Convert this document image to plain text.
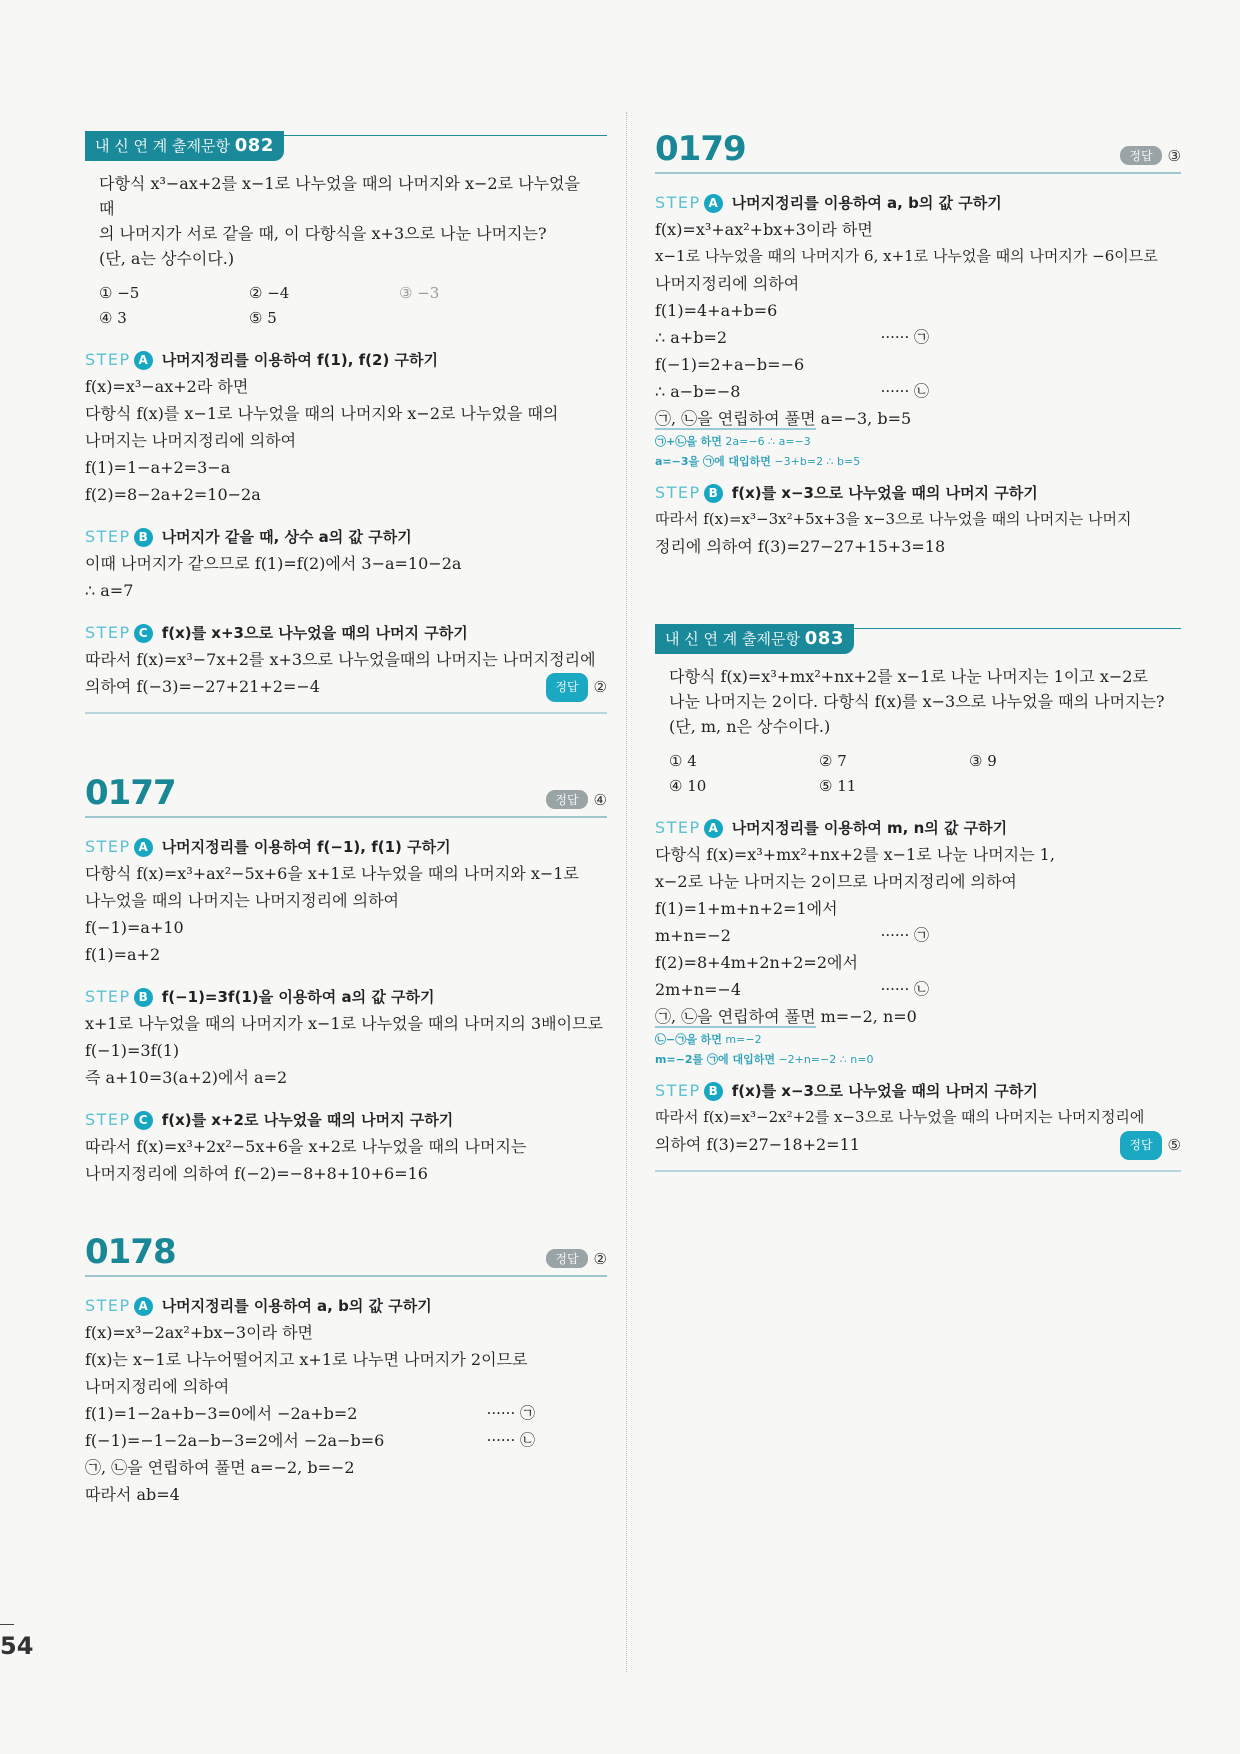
내 신 연 계 출제문항 082
다항식 x³−ax+2를 x−1로 나누었을 때의 나머지와 x−2로 나누었을 때
의 나머지가 서로 같을 때, 이 다항식을 x+3으로 나눈 나머지는?
(단, a는 상수이다.)
① −5	② −4	③ −3
④ 3	⑤ 5
STEP A 나머지정리를 이용하여 f(1), f(2) 구하기
f(x)=x³−ax+2라 하면
다항식 f(x)를 x−1로 나누었을 때의 나머지와 x−2로 나누었을 때의
나머지는 나머지정리에 의하여
f(1)=1−a+2=3−a
f(2)=8−2a+2=10−2a
STEP B 나머지가 같을 때, 상수 a의 값 구하기
이때 나머지가 같으므로 f(1)=f(2)에서 3−a=10−2a
∴ a=7
STEP C f(x)를 x+3으로 나누었을 때의 나머지 구하기
따라서 f(x)=x³−7x+2를 x+3으로 나누었을때의 나머지는 나머지정리에
의하여 f(−3)=−27+21+2=−4	정답	②
0177	정답	④
STEP A 나머지정리를 이용하여 f(−1), f(1) 구하기
다항식 f(x)=x³+ax²−5x+6을 x+1로 나누었을 때의 나머지와 x−1로
나누었을 때의 나머지는 나머지정리에 의하여
f(−1)=a+10
f(1)=a+2
STEP B f(−1)=3f(1)을 이용하여 a의 값 구하기
x+1로 나누었을 때의 나머지가 x−1로 나누었을 때의 나머지의 3배이므로
f(−1)=3f(1)
즉 a+10=3(a+2)에서 a=2
STEP C f(x)를 x+2로 나누었을 때의 나머지 구하기
따라서 f(x)=x³+2x²−5x+6을 x+2로 나누었을 때의 나머지는
나머지정리에 의하여 f(−2)=−8+8+10+6=16
0178	정답	②
STEP A 나머지정리를 이용하여 a, b의 값 구하기
f(x)=x³−2ax²+bx−3이라 하면
f(x)는 x−1로 나누어떨어지고 x+1로 나누면 나머지가 2이므로
나머지정리에 의하여
f(1)=1−2a+b−3=0에서 −2a+b=2	······ ㉠
f(−1)=−1−2a−b−3=2에서 −2a−b=6	······ ㉡
㉠, ㉡을 연립하여 풀면 a=−2, b=−2
따라서 ab=4
0179	정답	③
STEP A 나머지정리를 이용하여 a, b의 값 구하기
f(x)=x³+ax²+bx+3이라 하면
x−1로 나누었을 때의 나머지가 6, x+1로 나누었을 때의 나머지가 −6이므로
나머지정리에 의하여
f(1)=4+a+b=6
∴ a+b=2	······ ㉠
f(−1)=2+a−b=−6
∴ a−b=−8	······ ㉡
㉠, ㉡을 연립하여 풀면 a=−3, b=5
㉠+㉡을 하면 2a=−6 ∴ a=−3
a=−3을 ㉠에 대입하면 −3+b=2 ∴ b=5
STEP B f(x)를 x−3으로 나누었을 때의 나머지 구하기
따라서 f(x)=x³−3x²+5x+3을 x−3으로 나누었을 때의 나머지는 나머지
정리에 의하여 f(3)=27−27+15+3=18
내 신 연 계 출제문항 083
다항식 f(x)=x³+mx²+nx+2를 x−1로 나눈 나머지는 1이고 x−2로
나눈 나머지는 2이다. 다항식 f(x)를 x−3으로 나누었을 때의 나머지는?
(단, m, n은 상수이다.)
① 4	② 7	③ 9
④ 10	⑤ 11
STEP A 나머지정리를 이용하여 m, n의 값 구하기
다항식 f(x)=x³+mx²+nx+2를 x−1로 나눈 나머지는 1,
x−2로 나눈 나머지는 2이므로 나머지정리에 의하여
f(1)=1+m+n+2=1에서
m+n=−2	······ ㉠
f(2)=8+4m+2n+2=2에서
2m+n=−4	······ ㉡
㉠, ㉡을 연립하여 풀면 m=−2, n=0
㉡−㉠을 하면 m=−2
m=−2를 ㉠에 대입하면 −2+n=−2 ∴ n=0
STEP B f(x)를 x−3으로 나누었을 때의 나머지 구하기
따라서 f(x)=x³−2x²+2를 x−3으로 나누었을 때의 나머지는 나머지정리에
의하여 f(3)=27−18+2=11	정답	⑤
54
